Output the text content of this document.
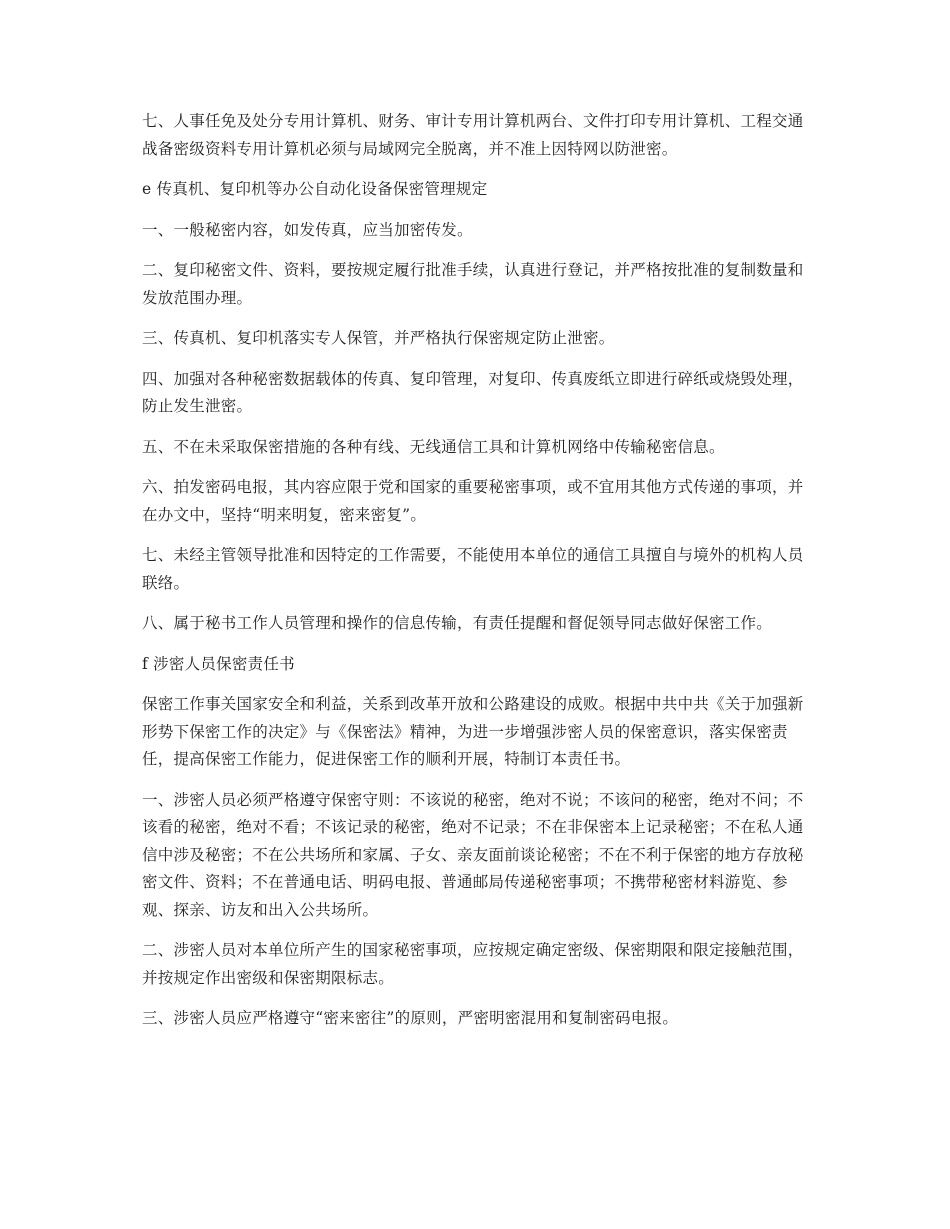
七、人事任免及处分专用计算机、财务、审计专用计算机两台、文件打印专用计算机、工程交通战备密级资料专用计算机必须与局域网完全脱离，并不准上因特网以防泄密。

e 传真机、复印机等办公自动化设备保密管理规定

一、一般秘密内容，如发传真，应当加密传发。

二、复印秘密文件、资料，要按规定履行批准手续，认真进行登记，并严格按批准的复制数量和发放范围办理。

三、传真机、复印机落实专人保管，并严格执行保密规定防止泄密。

四、加强对各种秘密数据载体的传真、复印管理，对复印、传真废纸立即进行碎纸或烧毁处理，防止发生泄密。

五、不在未采取保密措施的各种有线、无线通信工具和计算机网络中传输秘密信息。

六、拍发密码电报，其内容应限于党和国家的重要秘密事项，或不宜用其他方式传递的事项，并在办文中，坚持“明来明复，密来密复”。

七、未经主管领导批准和因特定的工作需要，不能使用本单位的通信工具擅自与境外的机构人员联络。

八、属于秘书工作人员管理和操作的信息传输，有责任提醒和督促领导同志做好保密工作。

f 涉密人员保密责任书

保密工作事关国家安全和利益，关系到改革开放和公路建设的成败。根据中共中共《关于加强新形势下保密工作的决定》与《保密法》精神，为进一步增强涉密人员的保密意识，落实保密责任，提高保密工作能力，促进保密工作的顺利开展，特制订本责任书。

一、涉密人员必须严格遵守保密守则：不该说的秘密，绝对不说；不该问的秘密，绝对不问；不该看的秘密，绝对不看；不该记录的秘密，绝对不记录；不在非保密本上记录秘密；不在私人通信中涉及秘密；不在公共场所和家属、子女、亲友面前谈论秘密；不在不利于保密的地方存放秘密文件、资料；不在普通电话、明码电报、普通邮局传递秘密事项；不携带秘密材料游览、参观、探亲、访友和出入公共场所。

二、涉密人员对本单位所产生的国家秘密事项，应按规定确定密级、保密期限和限定接触范围，并按规定作出密级和保密期限标志。

三、涉密人员应严格遵守“密来密往”的原则，严密明密混用和复制密码电报。
